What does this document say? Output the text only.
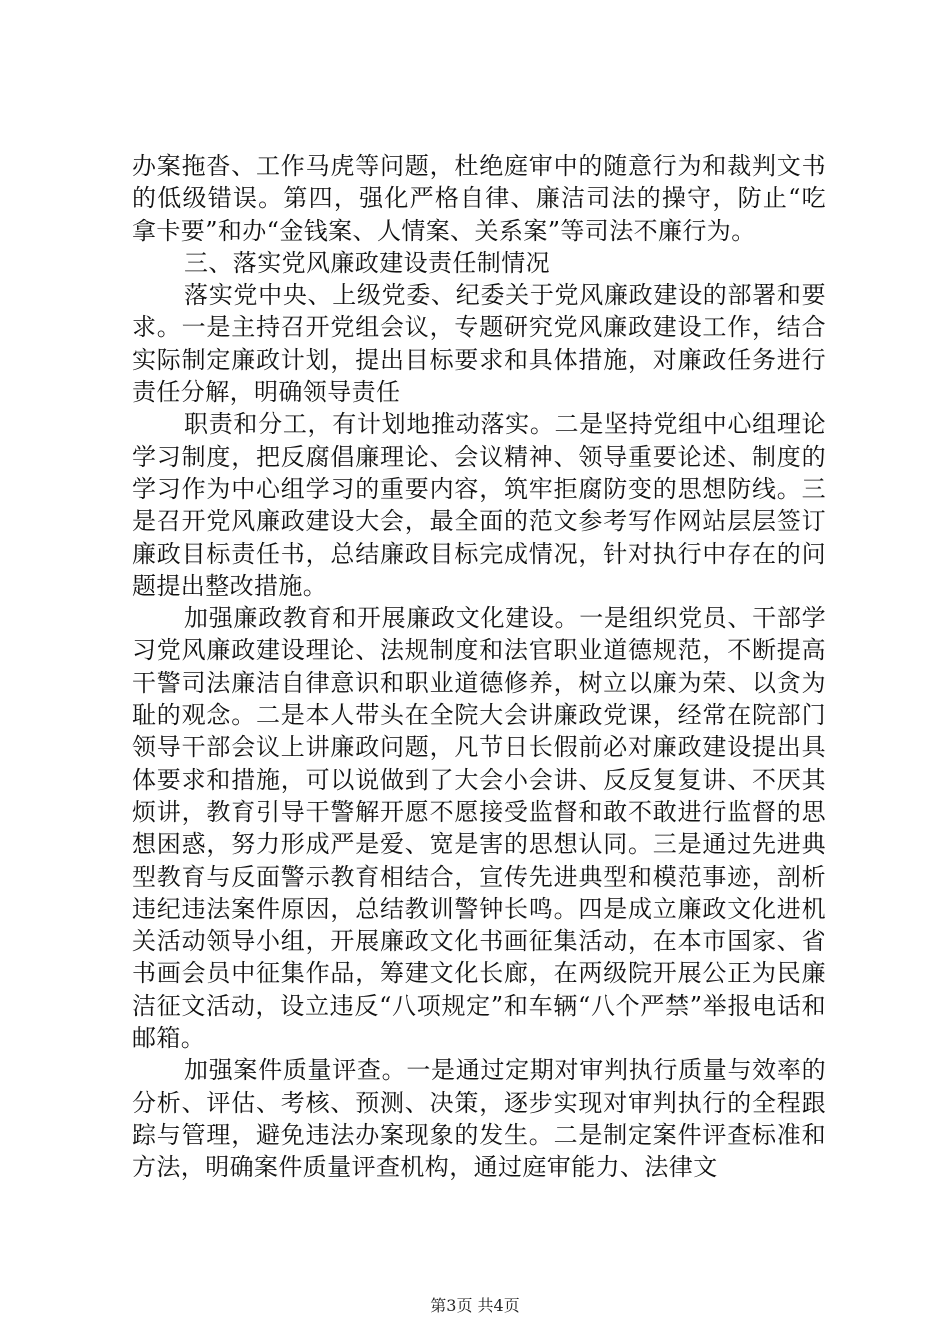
办案拖沓、工作马虎等问题，杜绝庭审中的随意行为和裁判文书的低级错误。第四，强化严格自律、廉洁司法的操守，防止“吃拿卡要”和办“金钱案、人情案、关系案”等司法不廉行为。

三、落实党风廉政建设责任制情况

落实党中央、上级党委、纪委关于党风廉政建设的部署和要求。一是主持召开党组会议，专题研究党风廉政建设工作，结合实际制定廉政计划，提出目标要求和具体措施，对廉政任务进行责任分解，明确领导责任

职责和分工，有计划地推动落实。二是坚持党组中心组理论学习制度，把反腐倡廉理论、会议精神、领导重要论述、制度的学习作为中心组学习的重要内容，筑牢拒腐防变的思想防线。三是召开党风廉政建设大会，最全面的范文参考写作网站层层签订廉政目标责任书，总结廉政目标完成情况，针对执行中存在的问题提出整改措施。

加强廉政教育和开展廉政文化建设。一是组织党员、干部学习党风廉政建设理论、法规制度和法官职业道德规范，不断提高干警司法廉洁自律意识和职业道德修养，树立以廉为荣、以贪为耻的观念。二是本人带头在全院大会讲廉政党课，经常在院部门领导干部会议上讲廉政问题，凡节日长假前必对廉政建设提出具体要求和措施，可以说做到了大会小会讲、反反复复讲、不厌其烦讲，教育引导干警解开愿不愿接受监督和敢不敢进行监督的思想困惑，努力形成严是爱、宽是害的思想认同。三是通过先进典型教育与反面警示教育相结合，宣传先进典型和模范事迹，剖析违纪违法案件原因，总结教训警钟长鸣。四是成立廉政文化进机关活动领导小组，开展廉政文化书画征集活动，在本市国家、省书画会员中征集作品，筹建文化长廊，在两级院开展公正为民廉洁征文活动，设立违反“八项规定”和车辆“八个严禁”举报电话和邮箱。

加强案件质量评查。一是通过定期对审判执行质量与效率的分析、评估、考核、预测、决策，逐步实现对审判执行的全程跟踪与管理，避免违法办案现象的发生。二是制定案件评查标准和方法，明确案件质量评查机构，通过庭审能力、法律文

第3页 共4页
